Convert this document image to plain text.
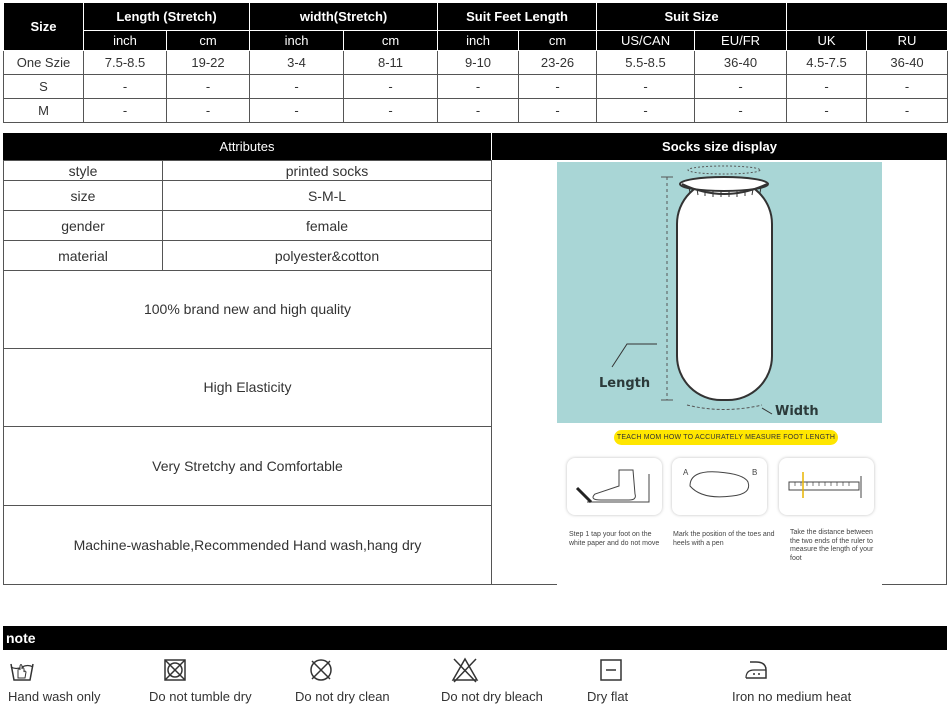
Size	Length (Stretch)		width(Stretch)		Suit Feet Length		Suit Size			
	inch	cm	inch	cm	inch	cm	US/CAN	EU/FR	UK	RU
One Szie	7.5-8.5	19-22	3-4	8-11	9-10	23-26	5.5-8.5	36-40	4.5-7.5	36-40
S	-	-	-	-	-	-	-	-	-	-
M	-	-	-	-	-	-	-	-	-	-
Attributes	Socks size display
style	printed socks
size	S-M-L
gender	female
material	polyester&cotton
100% brand new and high quality
High Elasticity
Very Stretchy and Comfortable
Machine-washable,Recommended Hand wash,hang dry
Length
Width
TEACH MOM HOW TO ACCURATELY MEASURE FOOT LENGTH
A	B
Step 1 tap your foot on the white paper and do not move
Mark the position of the toes and heels with a pen
Take the distance between the two ends of the ruler to measure the length of your foot
note
Hand wash only	Do not tumble dry	Do not dry clean	Do not dry bleach	Dry flat	Iron no medium heat
